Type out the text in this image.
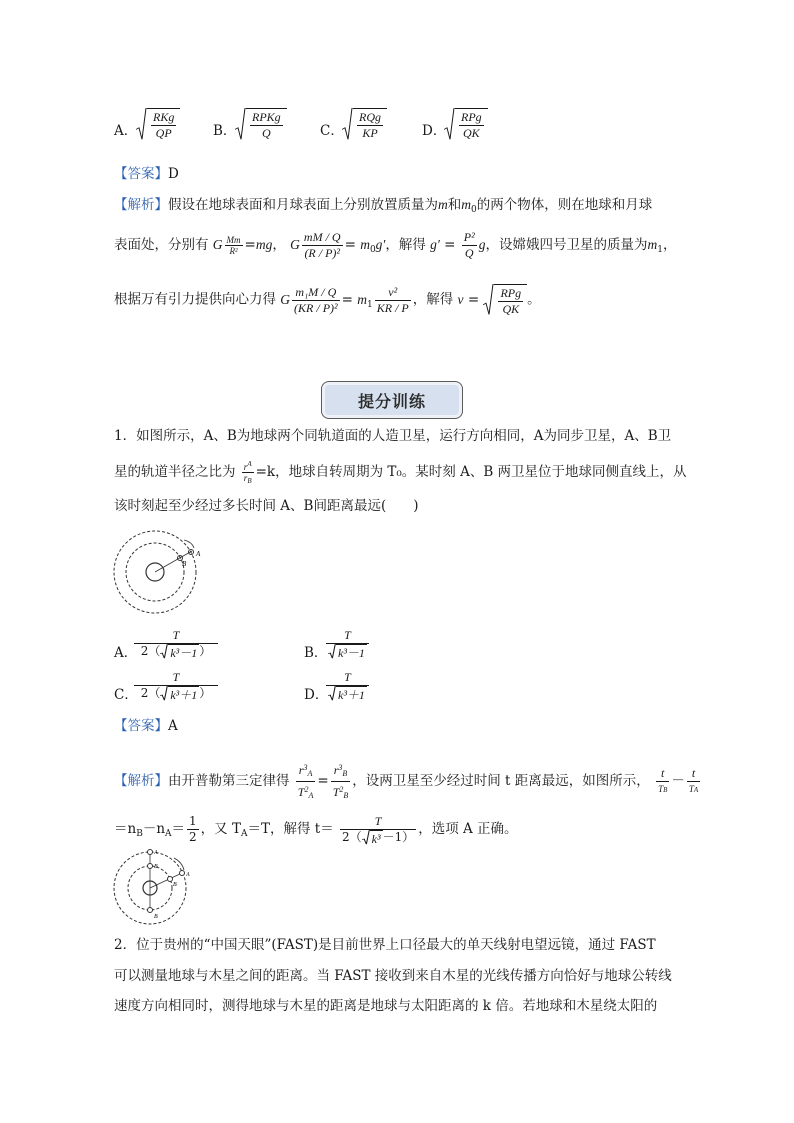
A． $\frac{\text{RKg}}{QP}$	B． $\frac{\text{RPKg}}{Q}$	C． $\frac{\text{RQg}}{KP}$	D． $\frac{\text{RPg}}{QK}$
【答案】D
【解析】假设在地球表面和月球表面上分别放置质量为m和$m_0$的两个物体，则在地球和月球
表面处，分别有 G $\frac{Mm}{\text{R²}} =mg$， G $\frac{mM / Q}{\text{(R / P)²}} = m_0g'$，解得 $g' = \frac{\text{P²}}{Q}$ g，设嫦娥四号卫星的质量为$m_1$，
根据万有引力提供向心力得 G $\frac{\text{m₁M / Q}}{\text{(KR / P)²}} = m_1 \frac{\text{v²}}{KR / P}$ ，解得 $v = \frac{\text{RPg}}{QK}$ 。
提分训练
1．如图所示，A、B为地球两个同轨道面的人造卫星，运行方向相同，A为同步卫星，A、B卫
星的轨道半径之比为 $\frac{r^A}{r_B} =k$，地球自转周期为 T₀。某时刻 A、B 两卫星位于地球同侧直线上，从
该时刻起至少经过多长时间 A、B间距离最远(　　)
A
B
A．
$\frac{T}{\text{2（ k³－1 ）}}$	B．
$\frac{T}{\text{k³－1}}$
C．
$\frac{T}{\text{2（ k³＋1 ）}}$	D．
$\frac{T}{\text{k³＋1}}$
【答案】A
【解析】由开普勒第三定律得 $\frac{r^3A}{T^2A} = \frac{r^3B}{T^2B}$ ，设两卫星至少经过时间 t 距离最远，如图所示， $\frac{t}{TB} - \frac{t}{TA}$
$=n_B-n_A= \frac{1}{2}$ ，又 $T_A=T$，解得 $t= \frac{T}{\text{2（ k³ －1）}}$ ，选项 A 正确。
A
B
B
A
B
2．位于贵州的“中国天眼”(FAST)是目前世界上口径最大的单天线射电望远镜，通过 FAST
可以测量地球与木星之间的距离。当 FAST 接收到来自木星的光线传播方向恰好与地球公转线
速度方向相同时，测得地球与木星的距离是地球与太阳距离的 k 倍。若地球和木星绕太阳的
